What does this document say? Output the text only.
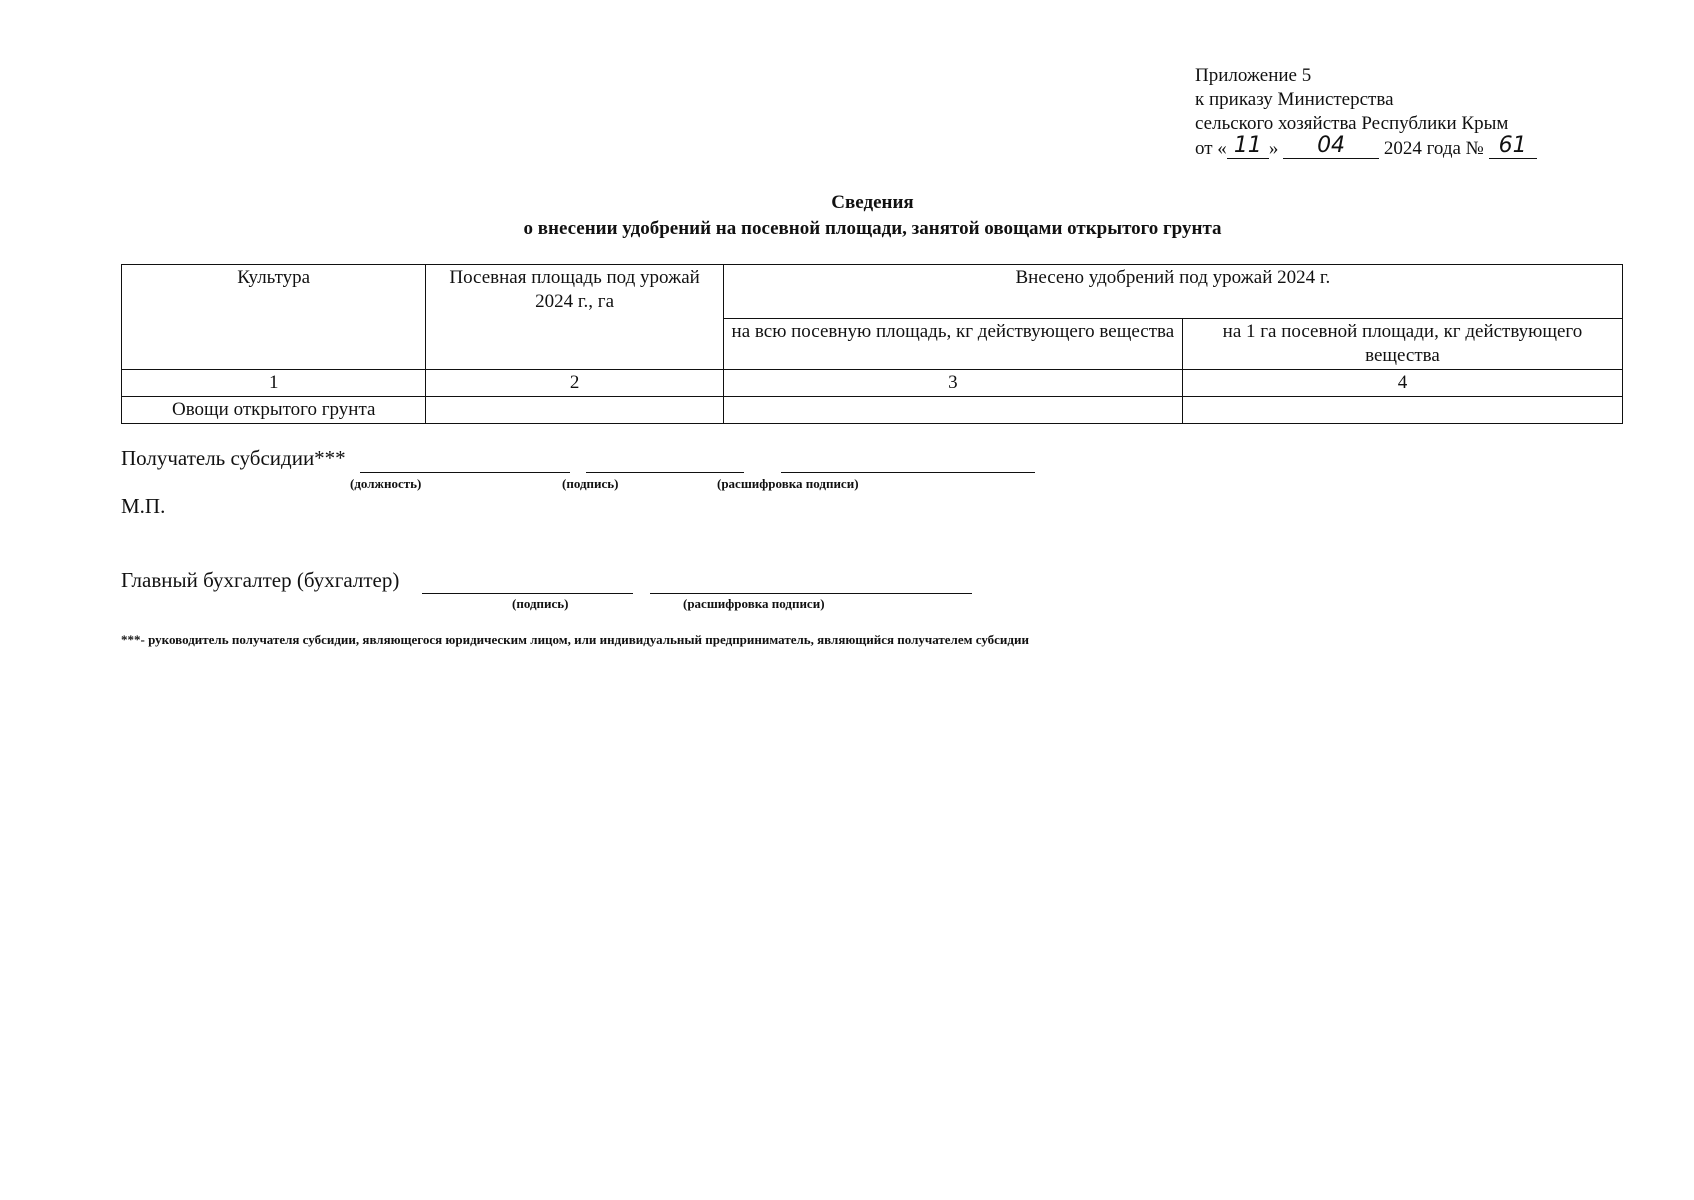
Приложение 5
к приказу Министерства
сельского хозяйства Республики Крым
от « 11 » 04 2024 года № 61
Сведения
о внесении удобрений на посевной площади, занятой овощами открытого грунта
Культура	Посевная площадь под урожай 2024 г., га	Внесено удобрений под урожай 2024 г.	
		на всю посевную площадь, кг действующего вещества	на 1 га посевной площади, кг действующего вещества
1	2	3	4
Овощи открытого грунта			
Получатель субсидии***
(должность)	(подпись)	(расшифровка подписи)
М.П.
Главный бухгалтер (бухгалтер)
(подпись)	(расшифровка подписи)
***- руководитель получателя субсидии, являющегося юридическим лицом, или индивидуальный предприниматель, являющийся получателем субсидии
